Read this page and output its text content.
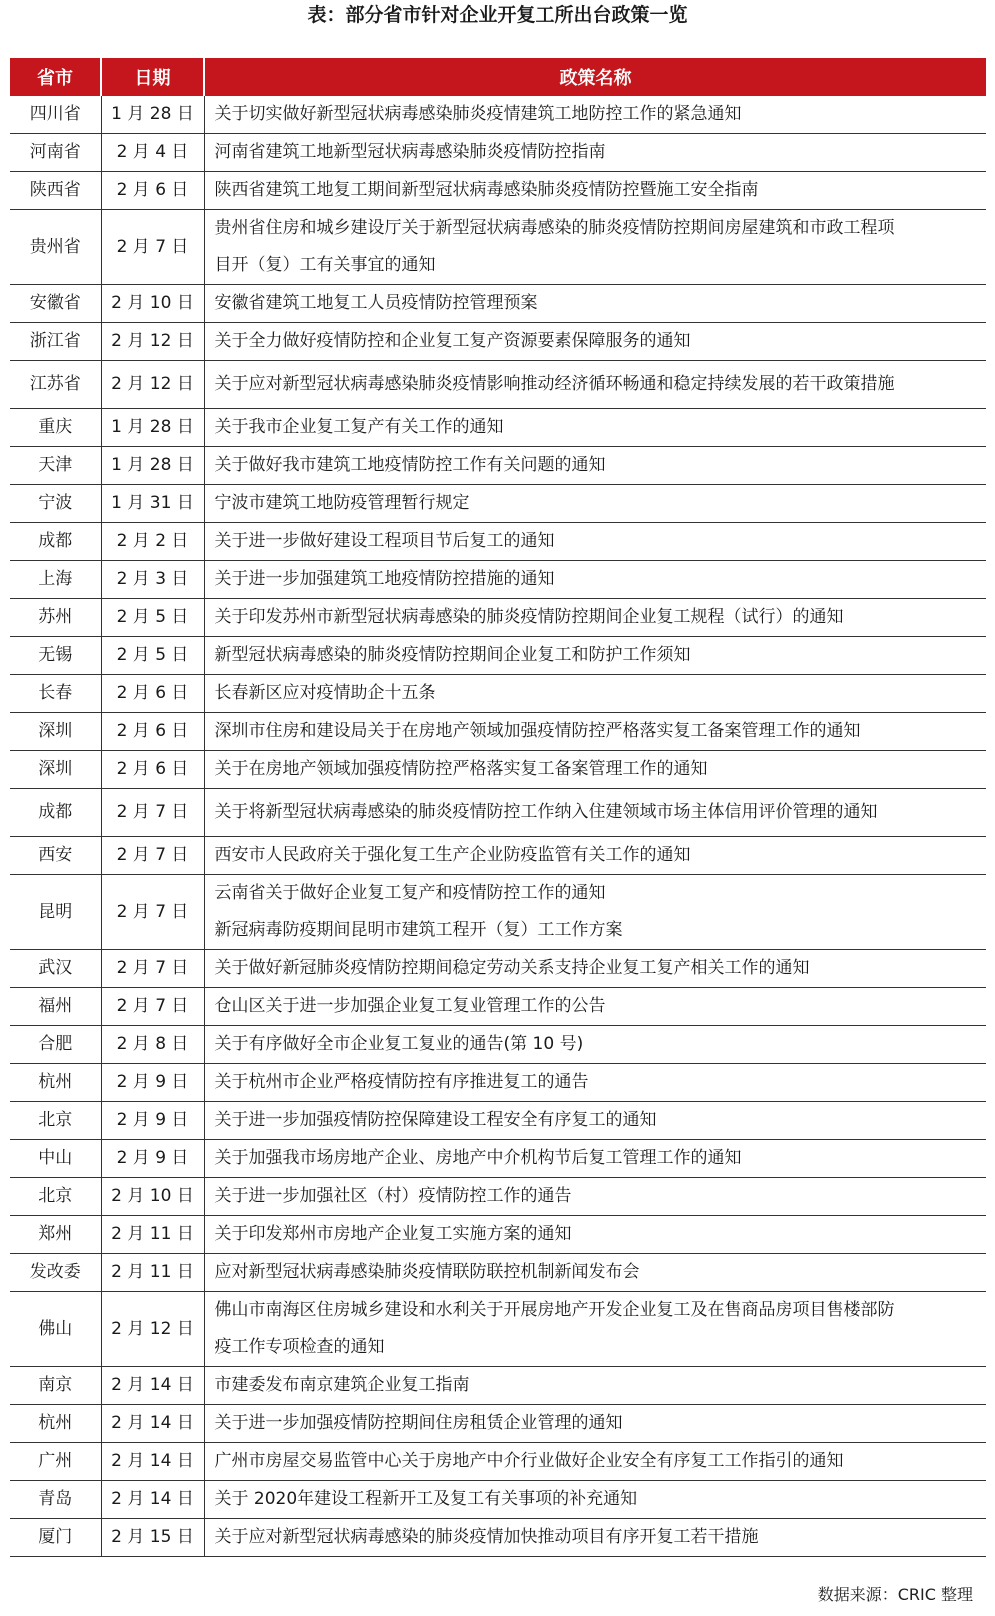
表：部分省市针对企业开复工所出台政策一览
省市	日期	政策名称
四川省	1 月 28 日	关于切实做好新型冠状病毒感染肺炎疫情建筑工地防控工作的紧急通知

河南省	2 月 4 日	河南省建筑工地新型冠状病毒感染肺炎疫情防控指南

陕西省	2 月 6 日	陕西省建筑工地复工期间新型冠状病毒感染肺炎疫情防控暨施工安全指南

贵州省	2 月 7 日	贵州省住房和城乡建设厅关于新型冠状病毒感染的肺炎疫情防控期间房屋建筑和市政工程项
目开（复）工有关事宜的通知

安徽省	2 月 10 日	安徽省建筑工地复工人员疫情防控管理预案

浙江省	2 月 12 日	关于全力做好疫情防控和企业复工复产资源要素保障服务的通知

江苏省	2 月 12 日	关于应对新型冠状病毒感染肺炎疫情影响推动经济循环畅通和稳定持续发展的若干政策措施

重庆	1 月 28 日	关于我市企业复工复产有关工作的通知

天津	1 月 28 日	关于做好我市建筑工地疫情防控工作有关问题的通知

宁波	1 月 31 日	宁波市建筑工地防疫管理暂行规定

成都	2 月 2 日	关于进一步做好建设工程项目节后复工的通知

上海	2 月 3 日	关于进一步加强建筑工地疫情防控措施的通知

苏州	2 月 5 日	关于印发苏州市新型冠状病毒感染的肺炎疫情防控期间企业复工规程（试行）的通知

无锡	2 月 5 日	新型冠状病毒感染的肺炎疫情防控期间企业复工和防护工作须知

长春	2 月 6 日	长春新区应对疫情助企十五条

深圳	2 月 6 日	深圳市住房和建设局关于在房地产领域加强疫情防控严格落实复工备案管理工作的通知

深圳	2 月 6 日	关于在房地产领域加强疫情防控严格落实复工备案管理工作的通知

成都	2 月 7 日	关于将新型冠状病毒感染的肺炎疫情防控工作纳入住建领域市场主体信用评价管理的通知

西安	2 月 7 日	西安市人民政府关于强化复工生产企业防疫监管有关工作的通知

昆明	2 月 7 日	云南省关于做好企业复工复产和疫情防控工作的通知
新冠病毒防疫期间昆明市建筑工程开（复）工工作方案

武汉	2 月 7 日	关于做好新冠肺炎疫情防控期间稳定劳动关系支持企业复工复产相关工作的通知

福州	2 月 7 日	仓山区关于进一步加强企业复工复业管理工作的公告

合肥	2 月 8 日	关于有序做好全市企业复工复业的通告(第 10 号)

杭州	2 月 9 日	关于杭州市企业严格疫情防控有序推进复工的通告

北京	2 月 9 日	关于进一步加强疫情防控保障建设工程安全有序复工的通知

中山	2 月 9 日	关于加强我市场房地产企业、房地产中介机构节后复工管理工作的通知

北京	2 月 10 日	关于进一步加强社区（村）疫情防控工作的通告

郑州	2 月 11 日	关于印发郑州市房地产企业复工实施方案的通知

发改委	2 月 11 日	应对新型冠状病毒感染肺炎疫情联防联控机制新闻发布会

佛山	2 月 12 日	佛山市南海区住房城乡建设和水利关于开展房地产开发企业复工及在售商品房项目售楼部防
疫工作专项检查的通知

南京	2 月 14 日	市建委发布南京建筑企业复工指南

杭州	2 月 14 日	关于进一步加强疫情防控期间住房租赁企业管理的通知

广州	2 月 14 日	广州市房屋交易监管中心关于房地产中介行业做好企业安全有序复工工作指引的通知

青岛	2 月 14 日	关于 2020年建设工程新开工及复工有关事项的补充通知

厦门	2 月 15 日	关于应对新型冠状病毒感染的肺炎疫情加快推动项目有序开复工若干措施
数据来源：CRIC 整理
